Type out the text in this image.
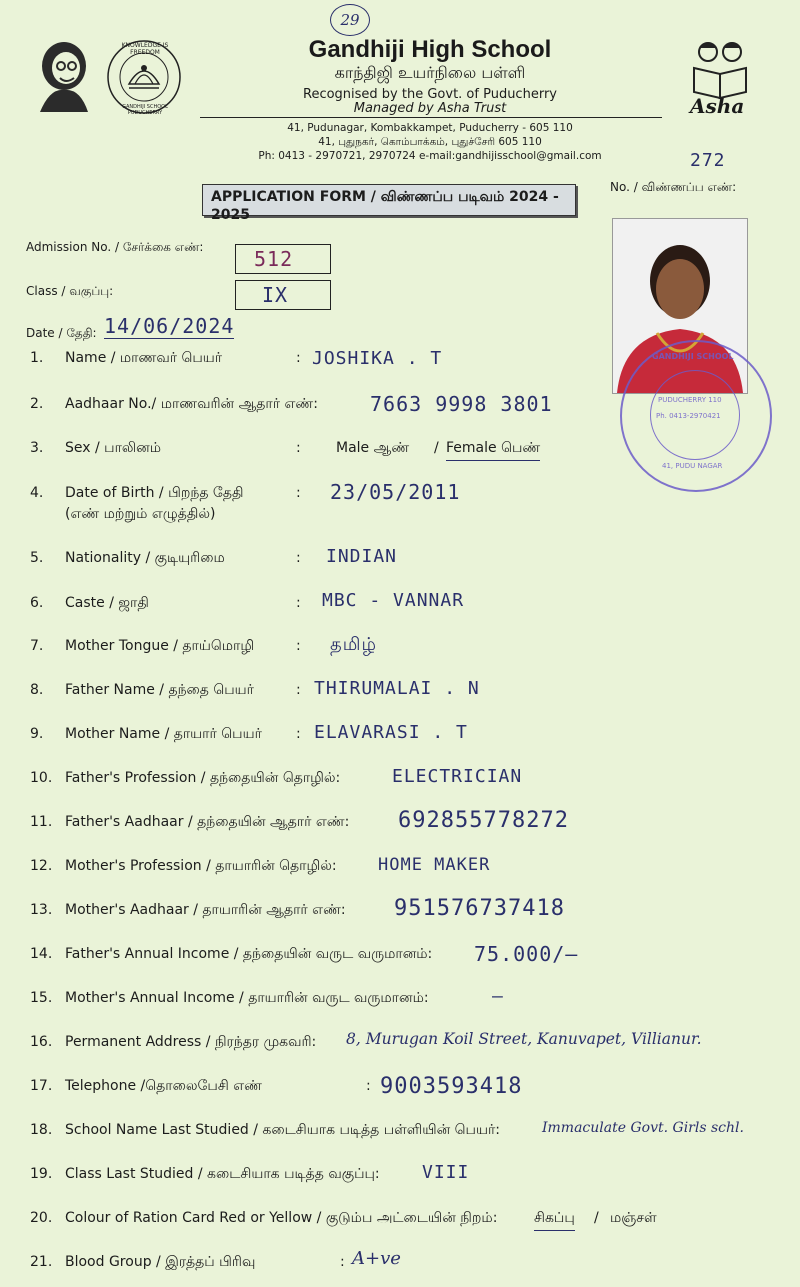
29
KNOWLEDGE IS FREEDOM
GANDHIJI SCHOOL PUDUCHERRY
Gandhiji High School
காந்திஜி உயர்நிலை பள்ளி
Recognised by the Govt. of Puducherry
Managed by Asha Trust
41, Pudunagar, Kombakkampet, Puducherry - 605 110
41, புதுநகர், கொம்பாக்கம், புதுச்சேரி 605 110
Ph: 0413 - 2970721, 2970724 e-mail:gandhijisschool@gmail.com
Asha
272
No. / விண்ணப்ப எண்:
APPLICATION FORM / விண்ணப்ப படிவம் 2024 - 2025
Admission No. / சேர்க்கை எண்:	512
Class / வகுப்பு:	IX
Date / தேதி: 14/06/2024
GANDHIJI SCHOOL
PUDUCHERRY 110
Ph. 0413-2970421
41, PUDU NAGAR
1.	Name / மாணவர் பெயர்	: JOSHIKA . T
2.	Aadhaar No./ மாணவரின் ஆதார் எண்:	7663 9998 3801
3.	Sex / பாலினம்	:	Male ஆண் / Female பெண்
4.	Date of Birth / பிறந்த தேதி
(எண் மற்றும் எழுத்தில்)
: 23/05/2011
5.	Nationality / குடியுரிமை	: INDIAN
6.	Caste / ஜாதி	: MBC - VANNAR
7.	Mother Tongue / தாய்மொழி	: தமிழ்
8.	Father Name / தந்தை பெயர்	: THIRUMALAI . N
9.	Mother Name / தாயார் பெயர் : ELAVARASI . T
10. Father's Profession / தந்தையின் தொழில்:	ELECTRICIAN
11. Father's Aadhaar / தந்தையின் ஆதார் எண்: 692855778272
12. Mother's Profession / தாயாரின் தொழில்: HOME MAKER
13. Mother's Aadhaar / தாயாரின் ஆதார் எண்: 951576737418
14. Father's Annual Income / தந்தையின் வருட வருமானம்: 75.000/—
15. Mother's Annual Income / தாயாரின் வருட வருமானம்:	—
16. Permanent Address / நிரந்தர முகவரி: 8, Murugan Koil Street, Kanuvapet, Villianur.
17. Telephone /தொலைபேசி எண்	: 9003593418
18. School Name Last Studied / கடைசியாக படித்த பள்ளியின் பெயர்:	Immaculate Govt. Girls schl.
19. Class Last Studied / கடைசியாக படித்த வகுப்பு: VIII
20. Colour of Ration Card Red or Yellow / குடும்ப அட்டையின் நிறம்:	சிகப்பு / மஞ்சள்
21. Blood Group / இரத்தப் பிரிவு	: A+ve
